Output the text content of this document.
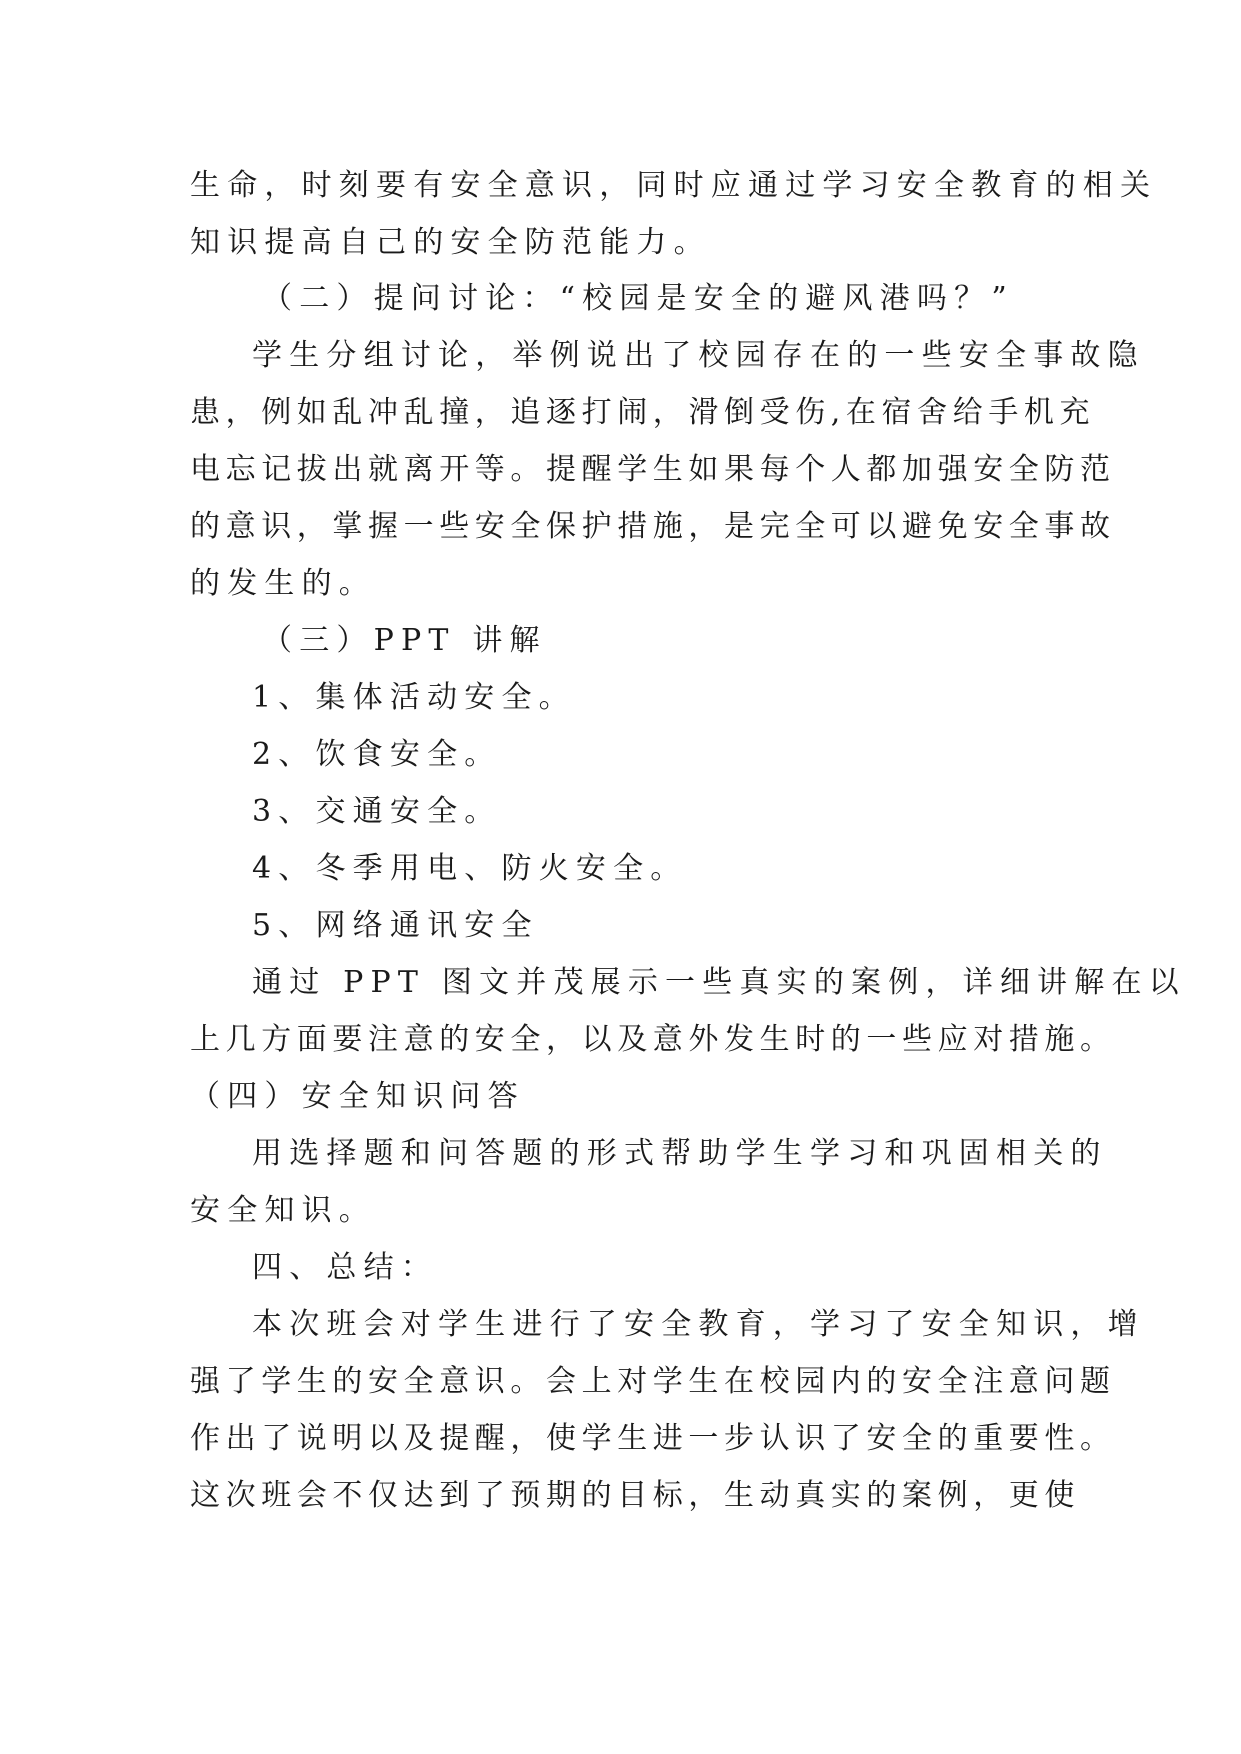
生命，时刻要有安全意识，同时应通过学习安全教育的相关
知识提高自己的安全防范能力。
（二）提问讨论：“校园是安全的避风港吗？”
学生分组讨论，举例说出了校园存在的一些安全事故隐
患，例如乱冲乱撞，追逐打闹，滑倒受伤,在宿舍给手机充
电忘记拔出就离开等。提醒学生如果每个人都加强安全防范
的意识，掌握一些安全保护措施，是完全可以避免安全事故
的发生的。
（三）PPT 讲解
1、集体活动安全。
2、饮食安全。
3、交通安全。
4、冬季用电、防火安全。
5、网络通讯安全
通过 PPT 图文并茂展示一些真实的案例，详细讲解在以
上几方面要注意的安全，以及意外发生时的一些应对措施。
（四）安全知识问答
用选择题和问答题的形式帮助学生学习和巩固相关的
安全知识。
四、总结：
本次班会对学生进行了安全教育，学习了安全知识，增
强了学生的安全意识。会上对学生在校园内的安全注意问题
作出了说明以及提醒，使学生进一步认识了安全的重要性。
这次班会不仅达到了预期的目标，生动真实的案例，更使
